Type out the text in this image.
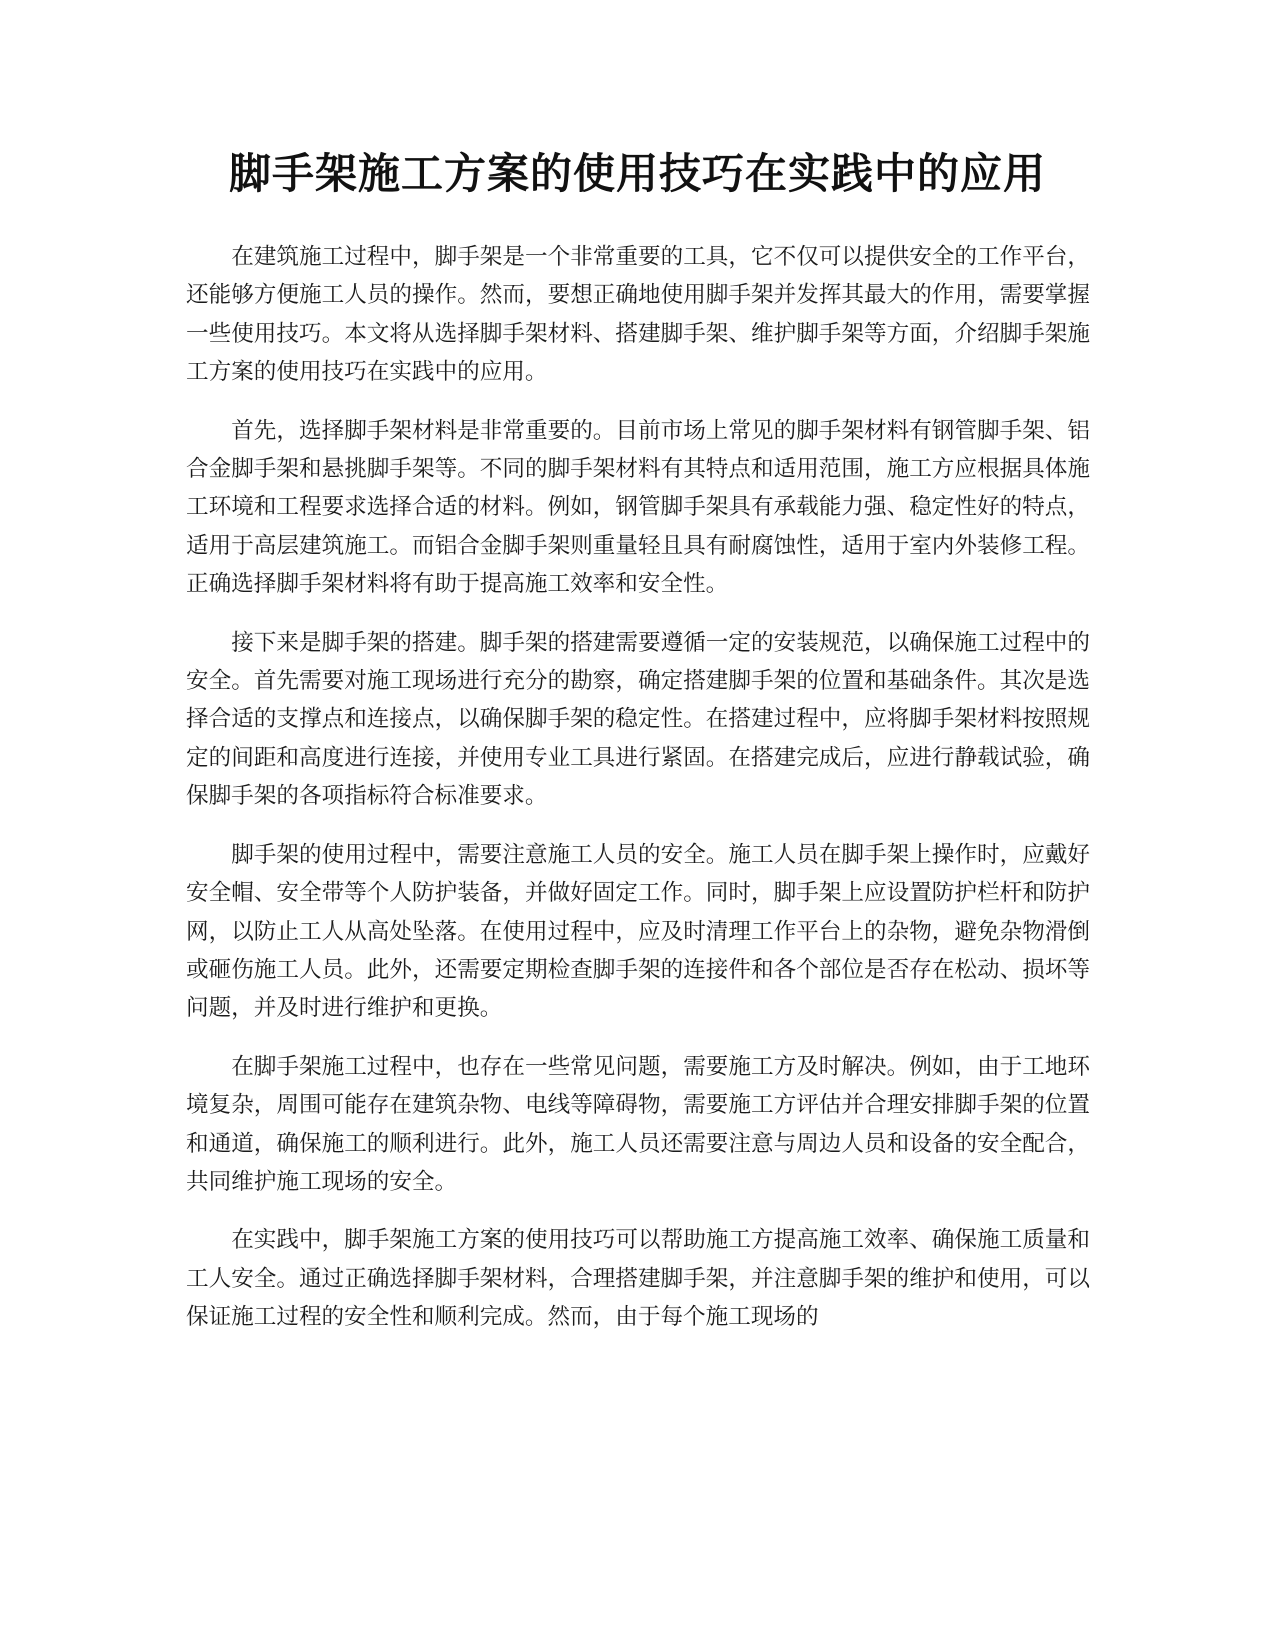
脚手架施工方案的使用技巧在实践中的应用

在建筑施工过程中，脚手架是一个非常重要的工具，它不仅可以提供安全的工作平台，还能够方便施工人员的操作。然而，要想正确地使用脚手架并发挥其最大的作用，需要掌握一些使用技巧。本文将从选择脚手架材料、搭建脚手架、维护脚手架等方面，介绍脚手架施工方案的使用技巧在实践中的应用。

首先，选择脚手架材料是非常重要的。目前市场上常见的脚手架材料有钢管脚手架、铝合金脚手架和悬挑脚手架等。不同的脚手架材料有其特点和适用范围，施工方应根据具体施工环境和工程要求选择合适的材料。例如，钢管脚手架具有承载能力强、稳定性好的特点，适用于高层建筑施工。而铝合金脚手架则重量轻且具有耐腐蚀性，适用于室内外装修工程。正确选择脚手架材料将有助于提高施工效率和安全性。

接下来是脚手架的搭建。脚手架的搭建需要遵循一定的安装规范，以确保施工过程中的安全。首先需要对施工现场进行充分的勘察，确定搭建脚手架的位置和基础条件。其次是选择合适的支撑点和连接点，以确保脚手架的稳定性。在搭建过程中，应将脚手架材料按照规定的间距和高度进行连接，并使用专业工具进行紧固。在搭建完成后，应进行静载试验，确保脚手架的各项指标符合标准要求。

脚手架的使用过程中，需要注意施工人员的安全。施工人员在脚手架上操作时，应戴好安全帽、安全带等个人防护装备，并做好固定工作。同时，脚手架上应设置防护栏杆和防护网，以防止工人从高处坠落。在使用过程中，应及时清理工作平台上的杂物，避免杂物滑倒或砸伤施工人员。此外，还需要定期检查脚手架的连接件和各个部位是否存在松动、损坏等问题，并及时进行维护和更换。

在脚手架施工过程中，也存在一些常见问题，需要施工方及时解决。例如，由于工地环境复杂，周围可能存在建筑杂物、电线等障碍物，需要施工方评估并合理安排脚手架的位置和通道，确保施工的顺利进行。此外，施工人员还需要注意与周边人员和设备的安全配合，共同维护施工现场的安全。

在实践中，脚手架施工方案的使用技巧可以帮助施工方提高施工效率、确保施工质量和工人安全。通过正确选择脚手架材料，合理搭建脚手架，并注意脚手架的维护和使用，可以保证施工过程的安全性和顺利完成。然而，由于每个施工现场的
